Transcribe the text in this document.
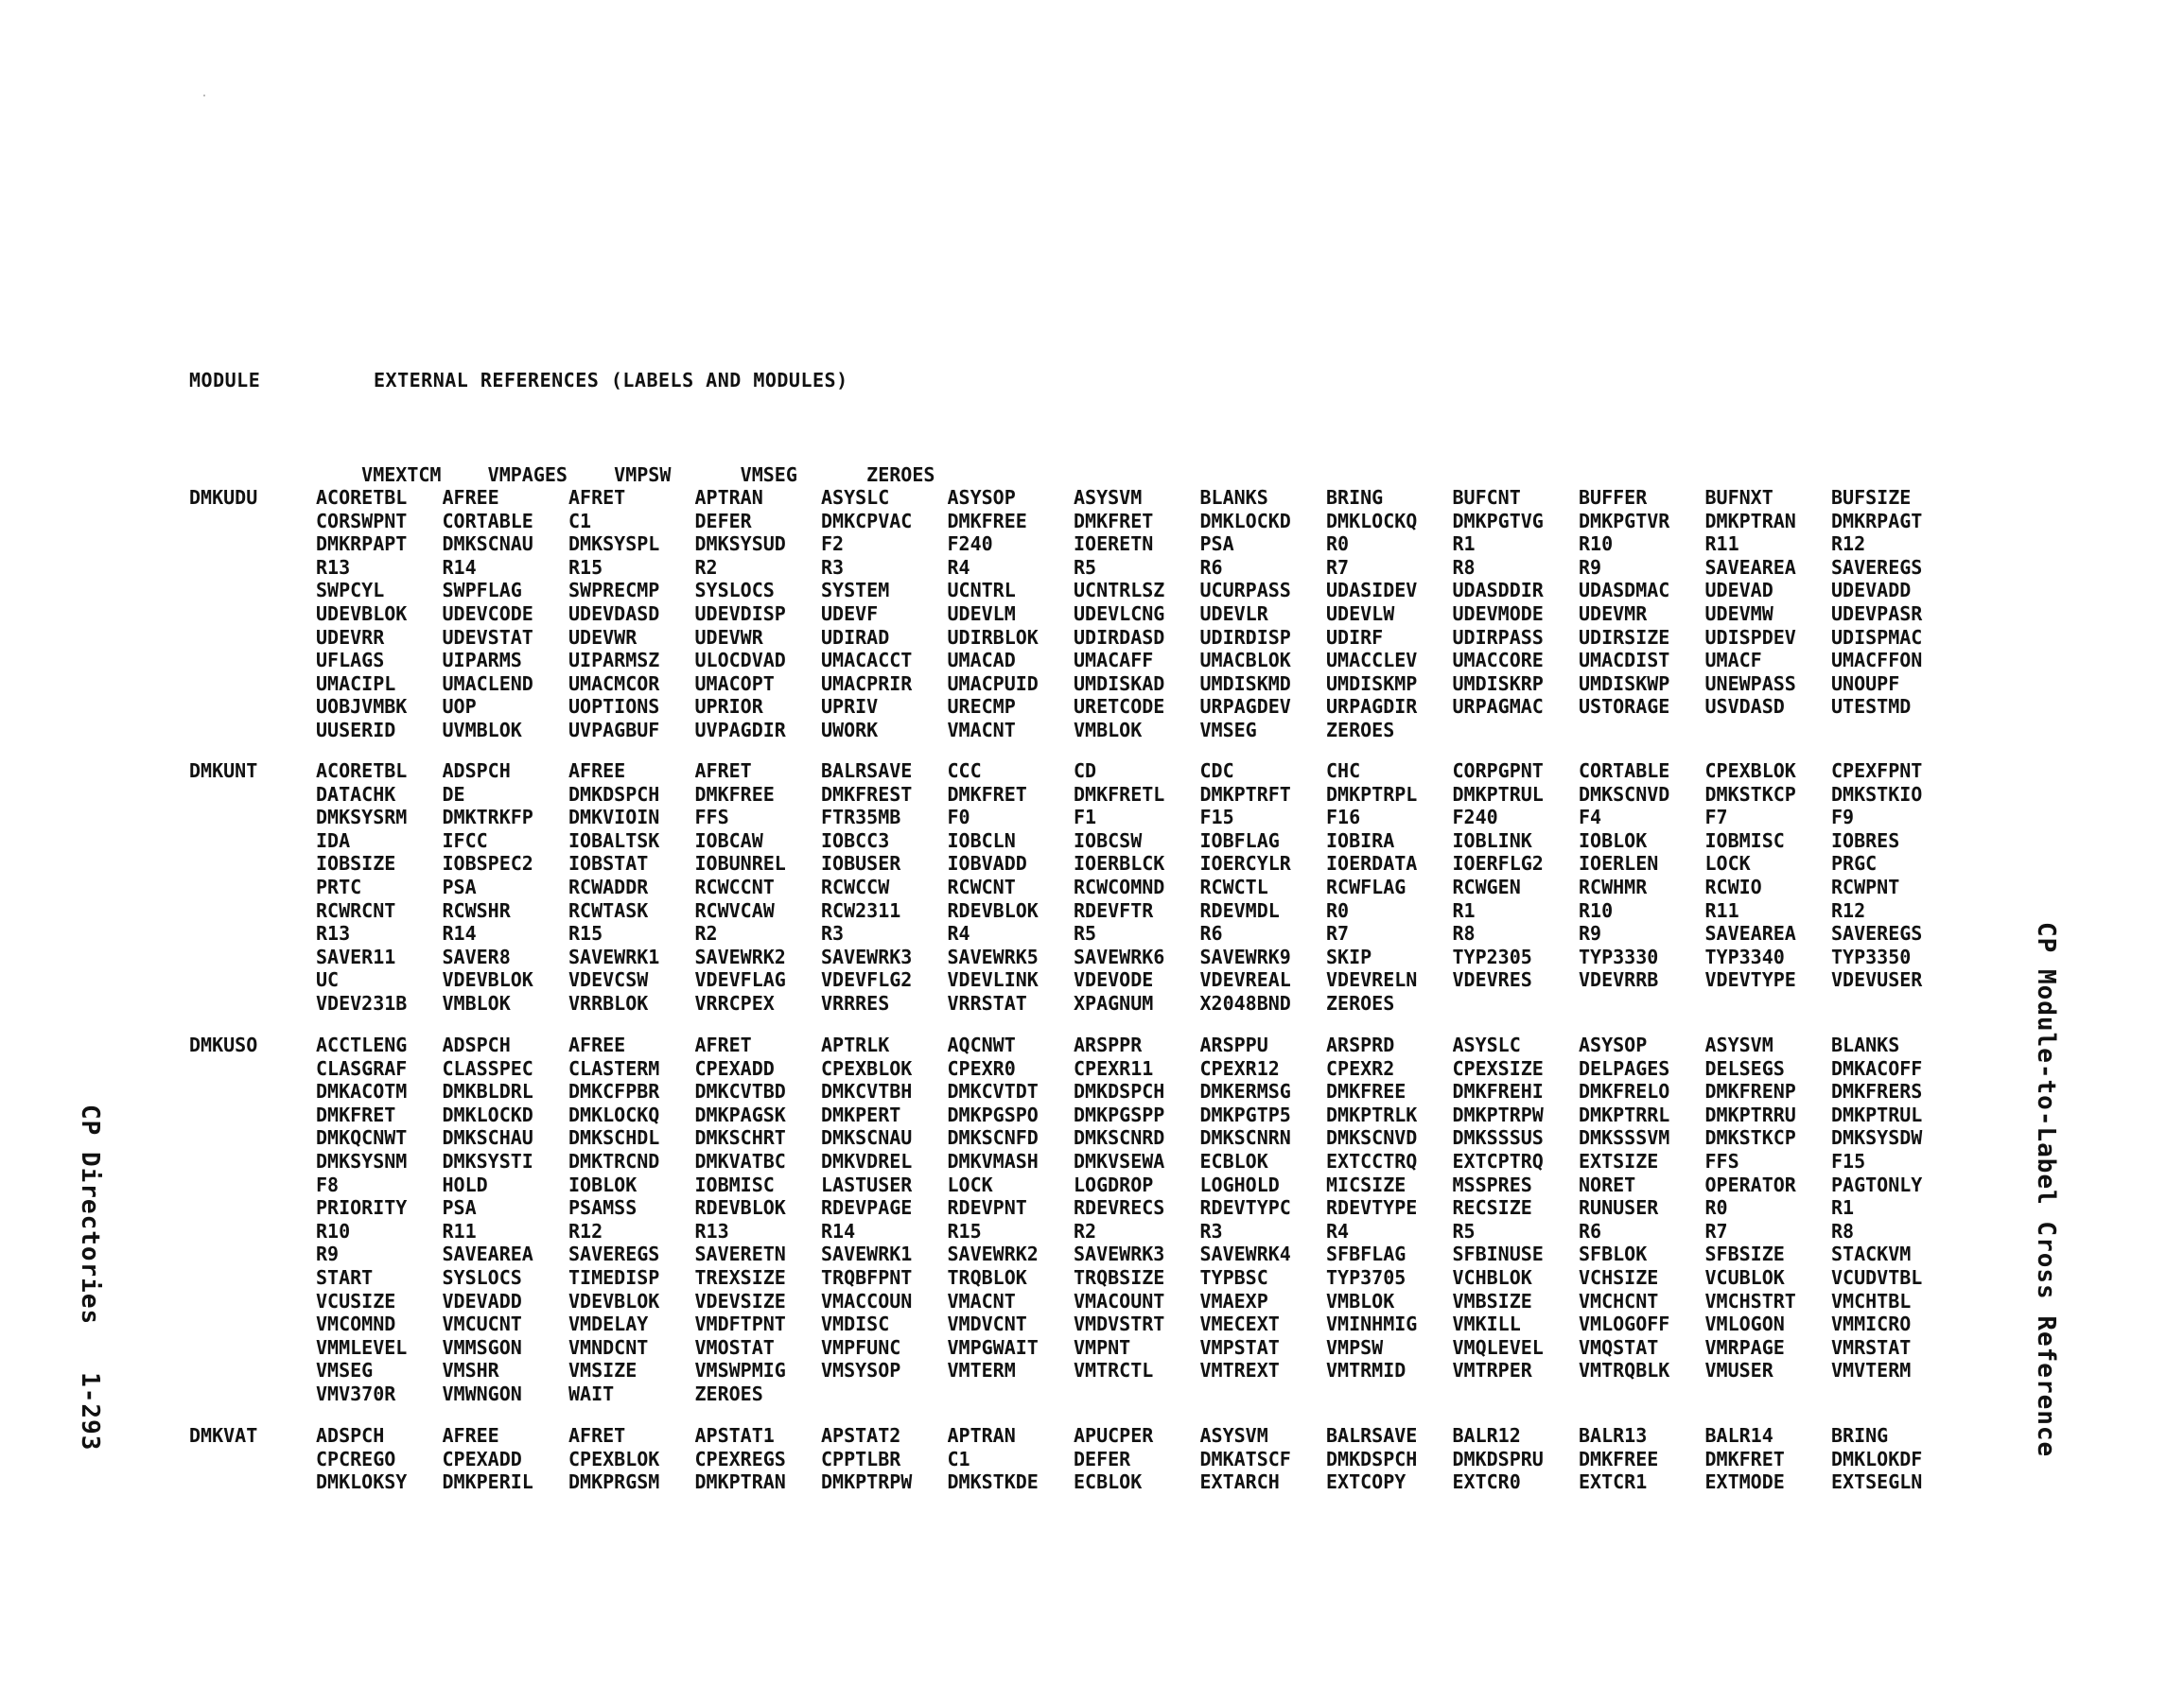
MODULE	EXTERNAL REFERENCES (LABELS AND MODULES)

VMEXTCM VMPAGES VMPSW	VMSEG	ZEROES

DMKUDU	ACORETBL AFREE	AFRET	APTRAN	ASYSLC	ASYSOP	ASYSVM	BLANKS	BRING	BUFCNT	BUFFER	BUFNXT	BUFSIZE
CORSWPNT CORTABLE C1	DEFER	DMKCPVAC DMKFREE DMKFRET DMKLOCKD DMKLOCKQ DMKPGTVG DMKPGTVR DMKPTRAN DMKRPAGT
DMKRPAPT DMKSCNAU DMKSYSPL DMKSYSUD F2	F240	IOERETN PSA	R0	R1	R10	R11	R12
R13	R14	R15	R2	R3	R4	R5	R6	R7	R8	R9	SAVEAREA SAVEREGS
SWPCYL	SWPFLAG SWPRECMP SYSLOCS SYSTEM	UCNTRL	UCNTRLSZ UCURPASS UDASIDEV UDASDDIR UDASDMAC UDEVAD	UDEVADD
UDEVBLOK UDEVCODE UDEVDASD UDEVDISP UDEVF	UDEVLM	UDEVLCNG UDEVLR	UDEVLW	UDEVMODE UDEVMR	UDEVMW	UDEVPASR
UDEVRR	UDEVSTAT UDEVWR	UDEVWR	UDIRAD	UDIRBLOK UDIRDASD UDIRDISP UDIRF	UDIRPASS UDIRSIZE UDISPDEV UDISPMAC
UFLAGS	UIPARMS UIPARMSZ ULOCDVAD UMACACCT UMACAD	UMACAFF UMACBLOK UMACCLEV UMACCORE UMACDIST UMACF	UMACFFON
UMACIPL UMACLEND UMACMCOR UMACOPT UMACPRIR UMACPUID UMDISKAD UMDISKMD UMDISKMP UMDISKRP UMDISKWP UNEWPASS UNOUPF
UOBJVMBK UOP	UOPTIONS UPRIOR	UPRIV	URECMP	URETCODE URPAGDEV URPAGDIR URPAGMAC USTORAGE USVDASD UTESTMD
UUSERID UVMBLOK UVPAGBUF UVPAGDIR UWORK	VMACNT	VMBLOK	VMSEG	ZEROES
DMKUNT	ACORETBL ADSPCH	AFREE	AFRET	BALRSAVE CCC	CD	CDC	CHC	CORPGPNT CORTABLE CPEXBLOK CPEXFPNT
DATACHK DE	DMKDSPCH DMKFREE DMKFREST DMKFRET DMKFRETL DMKPTRFT DMKPTRPL DMKPTRUL DMKSCNVD DMKSTKCP DMKSTKIO
DMKSYSRM DMKTRKFP DMKVIOIN FFS	FTR35MB F0	F1	F15	F16	F240	F4	F7	F9
IDA	IFCC	IOBALTSK IOBCAW	IOBCC3	IOBCLN	IOBCSW	IOBFLAG IOBIRA	IOBLINK IOBLOK	IOBMISC IOBRES
IOBSIZE IOBSPEC2 IOBSTAT IOBUNREL IOBUSER IOBVADD IOERBLCK IOERCYLR IOERDATA IOERFLG2 IOERLEN LOCK	PRGC
PRTC	PSA	RCWADDR RCWCCNT RCWCCW	RCWCNT	RCWCOMND RCWCTL	RCWFLAG RCWGEN	RCWHMR	RCWIO	RCWPNT
RCWRCNT RCWSHR	RCWTASK RCWVCAW RCW2311 RDEVBLOK RDEVFTR RDEVMDL R0	R1	R10	R11	R12
R13	R14	R15	R2	R3	R4	R5	R6	R7	R8	R9	SAVEAREA SAVEREGS
SAVER11 SAVER8	SAVEWRK1 SAVEWRK2 SAVEWRK3 SAVEWRK5 SAVEWRK6 SAVEWRK9 SKIP	TYP2305 TYP3330 TYP3340 TYP3350
UC	VDEVBLOK VDEVCSW VDEVFLAG VDEVFLG2 VDEVLINK VDEVODE VDEVREAL VDEVRELN VDEVRES VDEVRRB VDEVTYPE VDEVUSER
VDEV231B VMBLOK	VRRBLOK VRRCPEX VRRRES	VRRSTAT XPAGNUM X2048BND ZEROES
DMKUSO	ACCTLENG ADSPCH	AFREE	AFRET	APTRLK	AQCNWT	ARSPPR	ARSPPU	ARSPRD	ASYSLC	ASYSOP	ASYSVM	BLANKS
CLASGRAF CLASSPEC CLASTERM CPEXADD CPEXBLOK CPEXR0	CPEXR11 CPEXR12 CPEXR2	CPEXSIZE DELPAGES DELSEGS DMKACOFF
DMKACOTM DMKBLDRL DMKCFPBR DMKCVTBD DMKCVTBH DMKCVTDT DMKDSPCH DMKERMSG DMKFREE DMKFREHI DMKFRELO DMKFRENP DMKFRERS
DMKFRET DMKLOCKD DMKLOCKQ DMKPAGSK DMKPERT DMKPGSPO DMKPGSPP DMKPGTP5 DMKPTRLK DMKPTRPW DMKPTRRL DMKPTRRU DMKPTRUL
DMKQCNWT DMKSCHAU DMKSCHDL DMKSCHRT DMKSCNAU DMKSCNFD DMKSCNRD DMKSCNRN DMKSCNVD DMKSSSUS DMKSSSVM DMKSTKCP DMKSYSDW
DMKSYSNM DMKSYSTI DMKTRCND DMKVATBC DMKVDREL DMKVMASH DMKVSEWA ECBLOK	EXTCCTRQ EXTCPTRQ EXTSIZE FFS	F15
F8	HOLD	IOBLOK	IOBMISC LASTUSER LOCK	LOGDROP LOGHOLD MICSIZE MSSPRES NORET	OPERATOR PAGTONLY
PRIORITY PSA	PSAMSS	RDEVBLOK RDEVPAGE RDEVPNT RDEVRECS RDEVTYPC RDEVTYPE RECSIZE RUNUSER R0	R1
R10	R11	R12	R13	R14	R15	R2	R3	R4	R5	R6	R7	R8
R9	SAVEAREA SAVEREGS SAVERETN SAVEWRK1 SAVEWRK2 SAVEWRK3 SAVEWRK4 SFBFLAG SFBINUSE SFBLOK	SFBSIZE STACKVM
START	SYSLOCS TIMEDISP TREXSIZE TRQBFPNT TRQBLOK TRQBSIZE TYPBSC	TYP3705 VCHBLOK VCHSIZE VCUBLOK VCUDVTBL
VCUSIZE VDEVADD VDEVBLOK VDEVSIZE VMACCOUN VMACNT	VMACOUNT VMAEXP	VMBLOK	VMBSIZE VMCHCNT VMCHSTRT VMCHTBL
VMCOMND VMCUCNT VMDELAY VMDFTPNT VMDISC	VMDVCNT VMDVSTRT VMECEXT VMINHMIG VMKILL	VMLOGOFF VMLOGON VMMICRO
VMMLEVEL VMMSGON VMNDCNT VMOSTAT VMPFUNC VMPGWAIT VMPNT	VMPSTAT VMPSW	VMQLEVEL VMQSTAT VMRPAGE VMRSTAT
VMSEG	VMSHR	VMSIZE	VMSWPMIG VMSYSOP VMTERM	VMTRCTL VMTREXT VMTRMID VMTRPER VMTRQBLK VMUSER	VMVTERM
VMV370R VMWNGON WAIT	ZEROES
DMKVAT	ADSPCH	AFREE	AFRET	APSTAT1 APSTAT2 APTRAN	APUCPER ASYSVM	BALRSAVE BALR12	BALR13	BALR14	BRING
CPCREGO CPEXADD CPEXBLOK CPEXREGS CPPTLBR C1	DEFER	DMKATSCF DMKDSPCH DMKDSPRU DMKFREE DMKFRET DMKLOKDF
DMKLOKSY DMKPERIL DMKPRGSM DMKPTRAN DMKPTRPW DMKSTKDE ECBLOK	EXTARCH EXTCOPY EXTCR0	EXTCR1	EXTMODE EXTSEGLN
CP Module-to-Label Cross Reference
CP Directories   1-293
